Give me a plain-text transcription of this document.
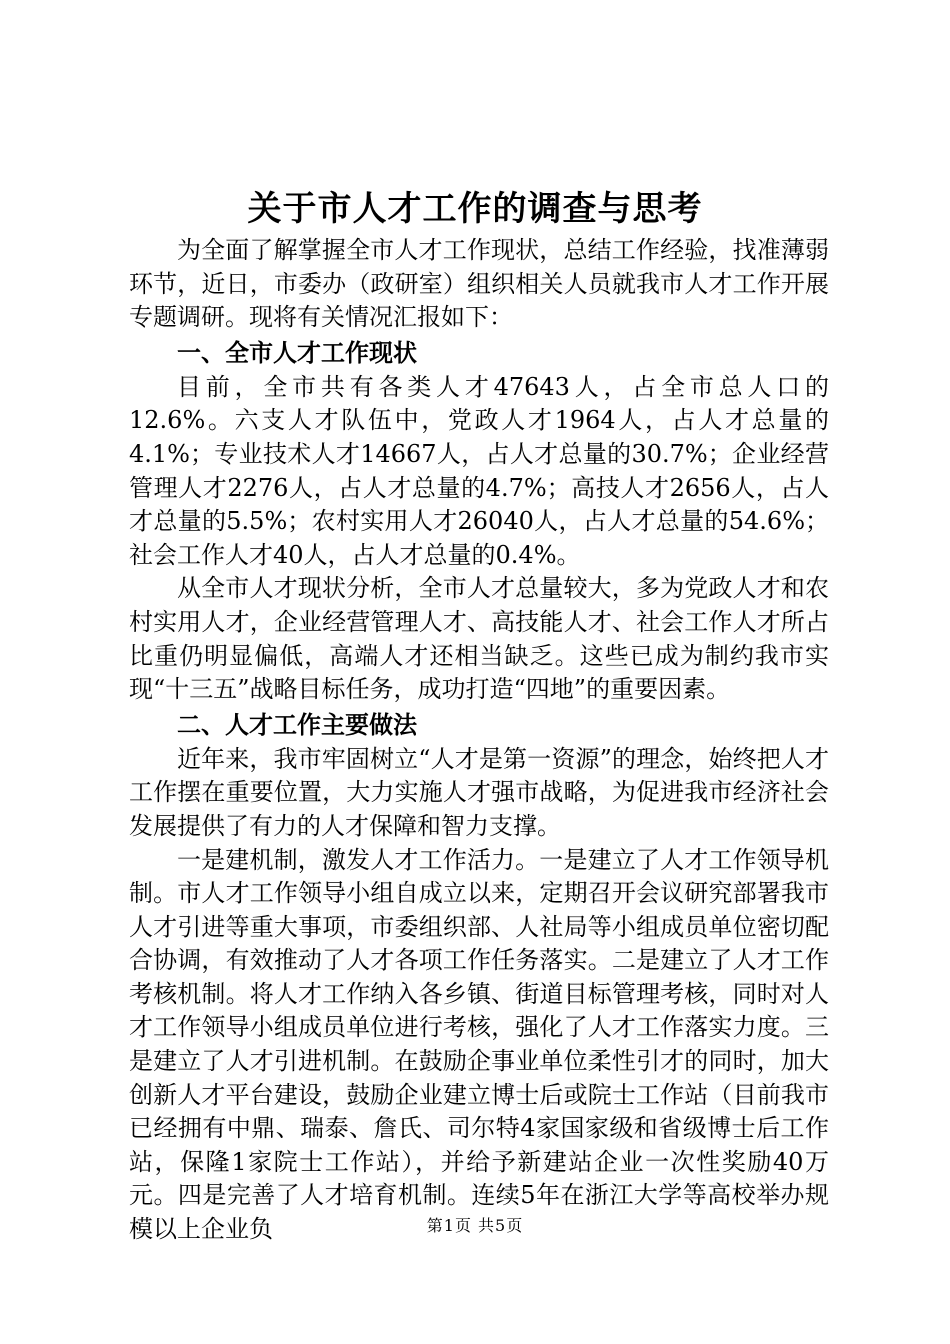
关于市人才工作的调查与思考

为全面了解掌握全市人才工作现状，总结工作经验，找准薄弱环节，近日，市委办（政研室）组织相关人员就我市人才工作开展专题调研。现将有关情况汇报如下：

一、全市人才工作现状

目前，全市共有各类人才47643人，占全市总人口的12.6%。六支人才队伍中，党政人才1964人，占人才总量的4.1%；专业技术人才14667人，占人才总量的30.7%；企业经营管理人才2276人，占人才总量的4.7%；高技人才2656人，占人才总量的5.5%；农村实用人才26040人，占人才总量的54.6%；社会工作人才40人，占人才总量的0.4%。

从全市人才现状分析，全市人才总量较大，多为党政人才和农村实用人才，企业经营管理人才、高技能人才、社会工作人才所占比重仍明显偏低，高端人才还相当缺乏。这些已成为制约我市实现“十三五”战略目标任务，成功打造“四地”的重要因素。

二、人才工作主要做法

近年来，我市牢固树立“人才是第一资源”的理念，始终把人才工作摆在重要位置，大力实施人才强市战略，为促进我市经济社会发展提供了有力的人才保障和智力支撑。

一是建机制，激发人才工作活力。一是建立了人才工作领导机制。市人才工作领导小组自成立以来，定期召开会议研究部署我市人才引进等重大事项，市委组织部、人社局等小组成员单位密切配合协调，有效推动了人才各项工作任务落实。二是建立了人才工作考核机制。将人才工作纳入各乡镇、街道目标管理考核，同时对人才工作领导小组成员单位进行考核，强化了人才工作落实力度。三是建立了人才引进机制。在鼓励企事业单位柔性引才的同时，加大创新人才平台建设，鼓励企业建立博士后或院士工作站（目前我市已经拥有中鼎、瑞泰、詹氏、司尔特4家国家级和省级博士后工作站，保隆1家院士工作站），并给予新建站企业一次性奖励40万元。四是完善了人才培育机制。连续5年在浙江大学等高校举办规模以上企业负	第1页 共5页
